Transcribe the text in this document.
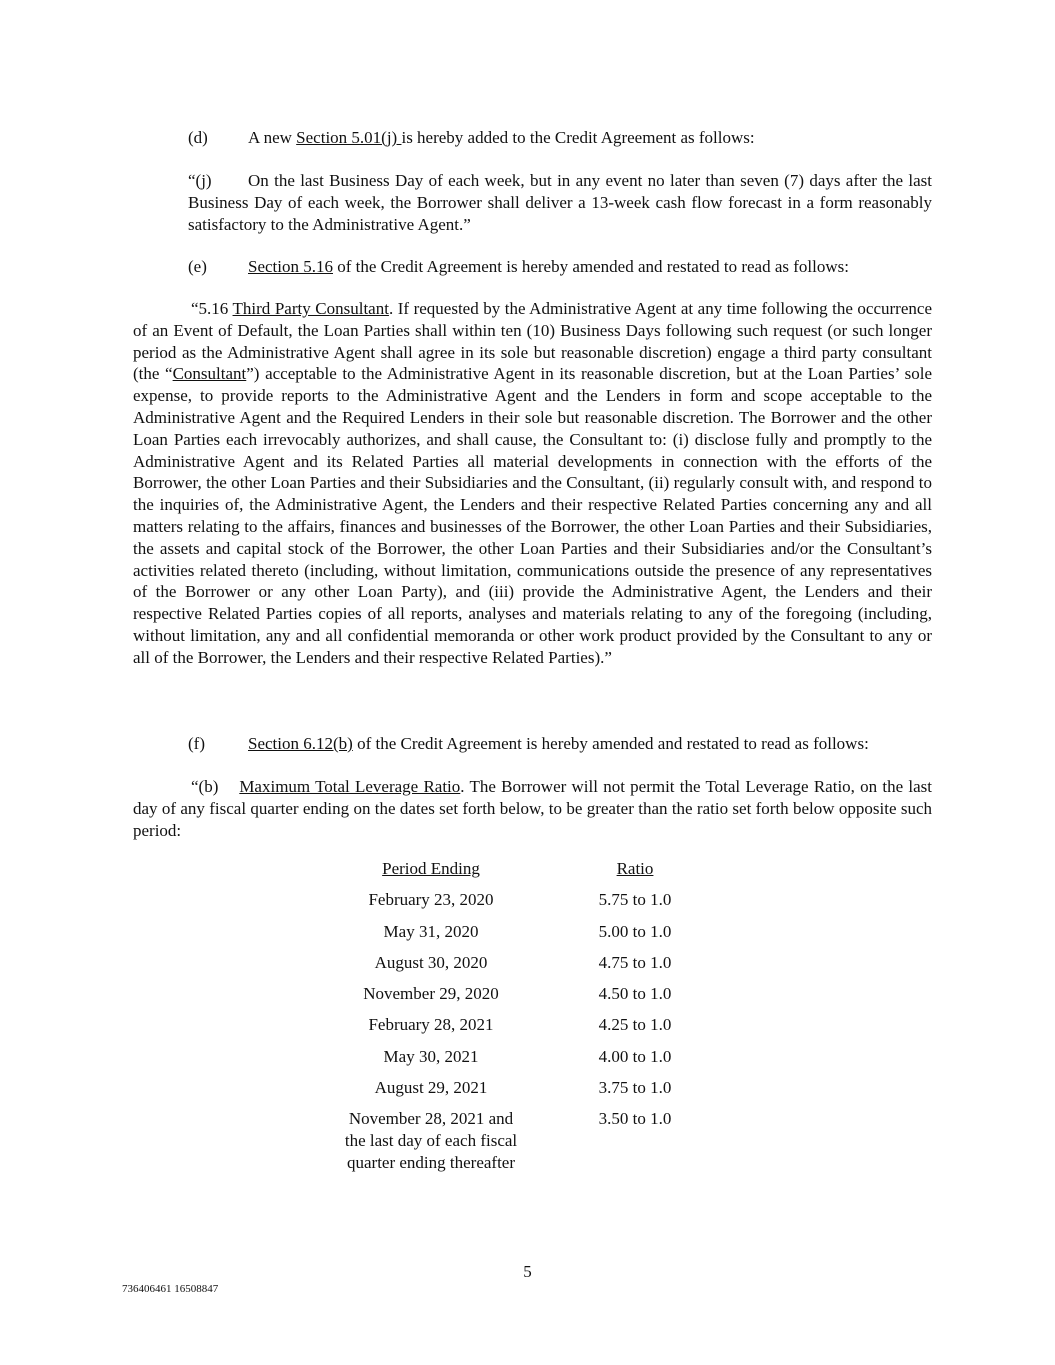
(d) A new Section 5.01(j) is hereby added to the Credit Agreement as follows:

“(j) On the last Business Day of each week, but in any event no later than seven (7) days after the last Business Day of each week, the Borrower shall deliver a 13-week cash flow forecast in a form reasonably satisfactory to the Administrative Agent.”

(e) Section 5.16 of the Credit Agreement is hereby amended and restated to read as follows:

“5.16 Third Party Consultant. If requested by the Administrative Agent at any time following the occurrence of an Event of Default, the Loan Parties shall within ten (10) Business Days following such request (or such longer period as the Administrative Agent shall agree in its sole but reasonable discretion) engage a third party consultant (the “Consultant”) acceptable to the Administrative Agent in its reasonable discretion, but at the Loan Parties’ sole expense, to provide reports to the Administrative Agent and the Lenders in form and scope acceptable to the Administrative Agent and the Required Lenders in their sole but reasonable discretion. The Borrower and the other Loan Parties each irrevocably authorizes, and shall cause, the Consultant to: (i) disclose fully and promptly to the Administrative Agent and its Related Parties all material developments in connection with the efforts of the Borrower, the other Loan Parties and their Subsidiaries and the Consultant, (ii) regularly consult with, and respond to the inquiries of, the Administrative Agent, the Lenders and their respective Related Parties concerning any and all matters relating to the affairs, finances and businesses of the Borrower, the other Loan Parties and their Subsidiaries, the assets and capital stock of the Borrower, the other Loan Parties and their Subsidiaries and/or the Consultant’s activities related thereto (including, without limitation, communications outside the presence of any representatives of the Borrower or any other Loan Party), and (iii) provide the Administrative Agent, the Lenders and their respective Related Parties copies of all reports, analyses and materials relating to any of the foregoing (including, without limitation, any and all confidential memoranda or other work product provided by the Consultant to any or all of the Borrower, the Lenders and their respective Related Parties).”

(f)	Section 6.12(b) of the Credit Agreement is hereby amended and restated to read as follows:

“(b)    Maximum Total Leverage Ratio. The Borrower will not permit the Total Leverage Ratio, on the last day of any fiscal quarter ending on the dates set forth below, to be greater than the ratio set forth below opposite such period:

Period Ending	Ratio
February 23, 2020	5.75 to 1.0
May 31, 2020	5.00 to 1.0
August 30, 2020	4.75 to 1.0
November 29, 2020	4.50 to 1.0
February 28, 2021	4.25 to 1.0
May 30, 2021	4.00 to 1.0
August 29, 2021	3.75 to 1.0

November 28, 2021 and
the last day of each fiscal
quarter ending thereafter	3.50 to 1.0
5
736406461 16508847
